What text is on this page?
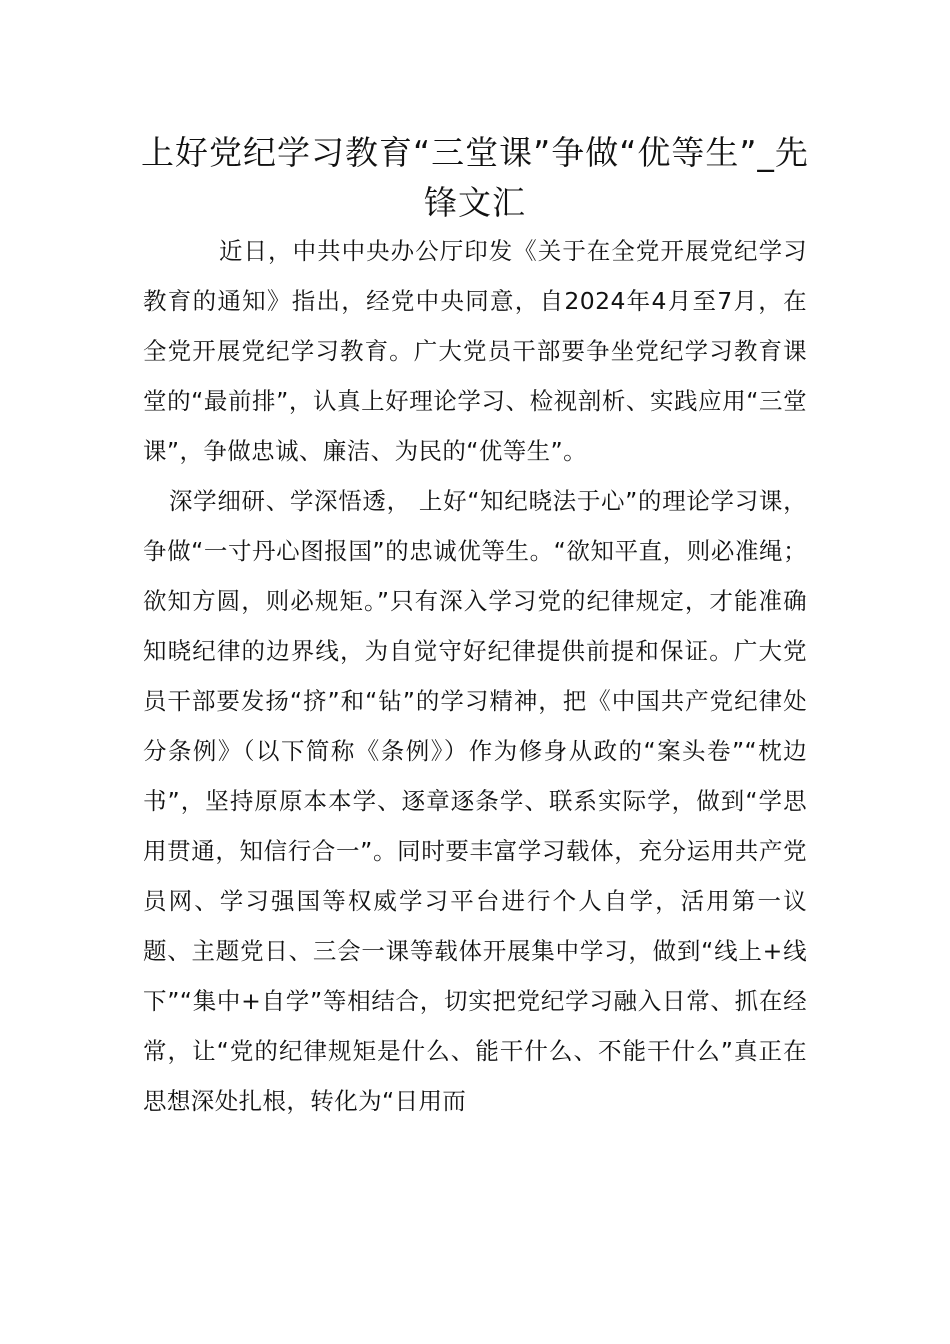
上好党纪学习教育“三堂课”争做“优等生”_先锋文汇

近日，中共中央办公厅印发《关于在全党开展党纪学习教育的通知》指出，经党中央同意，自2024年4月至7月，在全党开展党纪学习教育。广大党员干部要争坐党纪学习教育课堂的“最前排”，认真上好理论学习、检视剖析、实践应用“三堂课”，争做忠诚、廉洁、为民的“优等生”。

深学细研、学深悟透， 上好“知纪晓法于心”的理论学习课，争做“一寸丹心图报国”的忠诚优等生。“欲知平直，则必准绳；欲知方圆，则必规矩。”只有深入学习党的纪律规定，才能准确知晓纪律的边界线，为自觉守好纪律提供前提和保证。广大党员干部要发扬“挤”和“钻”的学习精神，把《中国共产党纪律处分条例》（以下简称《条例》）作为修身从政的“案头卷”“枕边书”，坚持原原本本学、逐章逐条学、联系实际学，做到“学思用贯通，知信行合一”。同时要丰富学习载体，充分运用共产党员网、学习强国等权威学习平台进行个人自学，活用第一议题、主题党日、三会一课等载体开展集中学习，做到“线上+线下”“集中+自学”等相结合，切实把党纪学习融入日常、抓在经常，让“党的纪律规矩是什么、能干什么、不能干什么”真正在思想深处扎根，转化为“日用而
